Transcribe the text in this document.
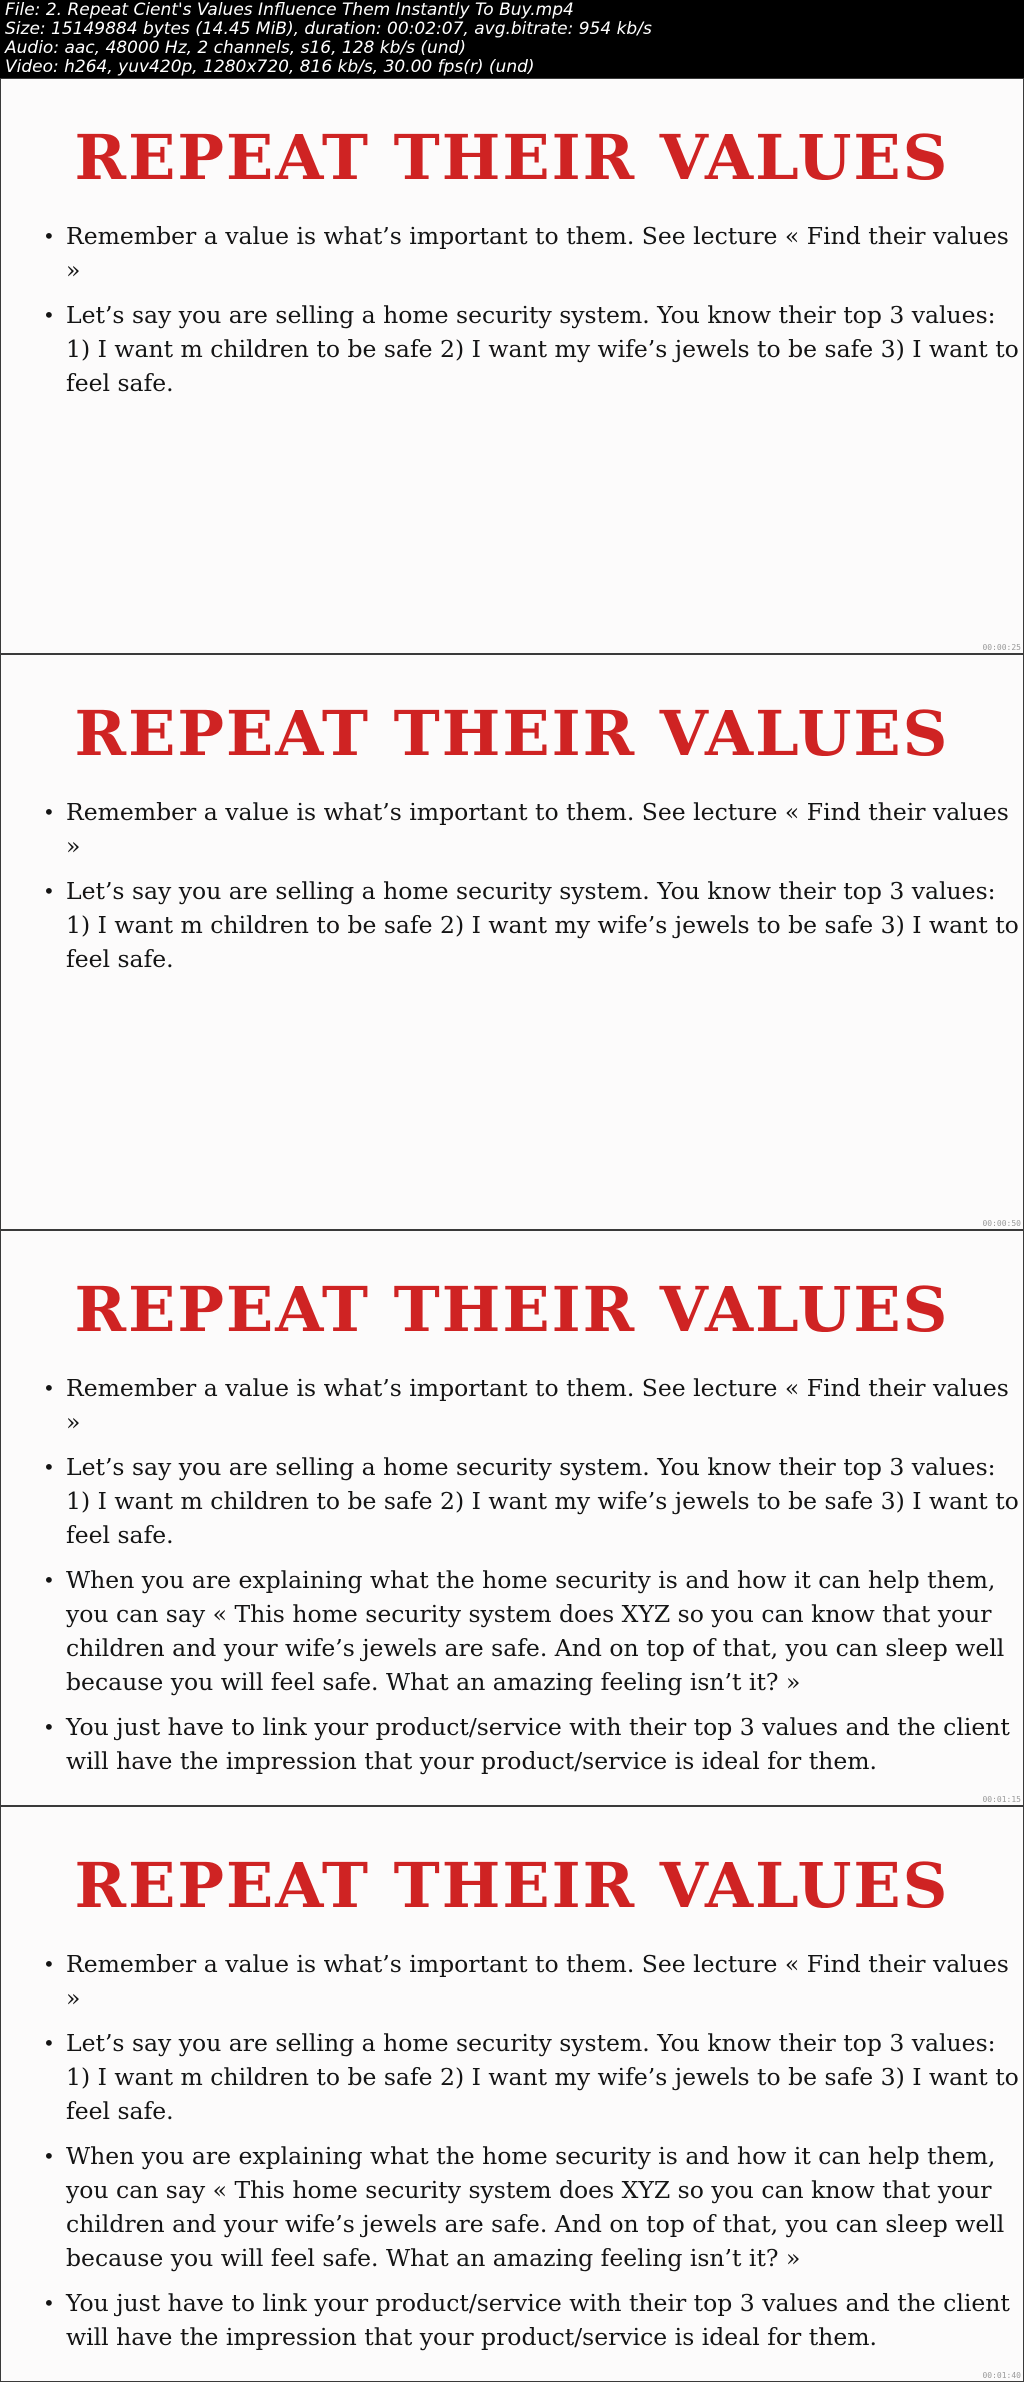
File: 2. Repeat Cient's Values Influence Them Instantly To Buy.mp4
Size: 15149884 bytes (14.45 MiB), duration: 00:02:07, avg.bitrate: 954 kb/s
Audio: aac, 48000 Hz, 2 channels, s16, 128 kb/s (und)
Video: h264, yuv420p, 1280x720, 816 kb/s, 30.00 fps(r) (und)
REPEAT THEIR VALUES
• Remember a value is what’s important to them. See lecture « Find their values »
• Let’s say you are selling a home security system. You know their top 3 values: 1) I want m children to be safe 2) I want my wife’s jewels to be safe 3) I want to feel safe.
00:00:25
REPEAT THEIR VALUES
• Remember a value is what’s important to them. See lecture « Find their values »
• Let’s say you are selling a home security system. You know their top 3 values: 1) I want m children to be safe 2) I want my wife’s jewels to be safe 3) I want to feel safe.
00:00:50
REPEAT THEIR VALUES
• Remember a value is what’s important to them. See lecture « Find their values »
• Let’s say you are selling a home security system. You know their top 3 values: 1) I want m children to be safe 2) I want my wife’s jewels to be safe 3) I want to feel safe.
• When you are explaining what the home security is and how it can help them, you can say « This home security system does XYZ so you can know that your children and your wife’s jewels are safe. And on top of that, you can sleep well because you will feel safe. What an amazing feeling isn’t it? »
• You just have to link your product/service with their top 3 values and the client will have the impression that your product/service is ideal for them.
00:01:15
REPEAT THEIR VALUES
• Remember a value is what’s important to them. See lecture « Find their values »
• Let’s say you are selling a home security system. You know their top 3 values: 1) I want m children to be safe 2) I want my wife’s jewels to be safe 3) I want to feel safe.
• When you are explaining what the home security is and how it can help them, you can say « This home security system does XYZ so you can know that your children and your wife’s jewels are safe. And on top of that, you can sleep well because you will feel safe. What an amazing feeling isn’t it? »
• You just have to link your product/service with their top 3 values and the client will have the impression that your product/service is ideal for them.
00:01:40
